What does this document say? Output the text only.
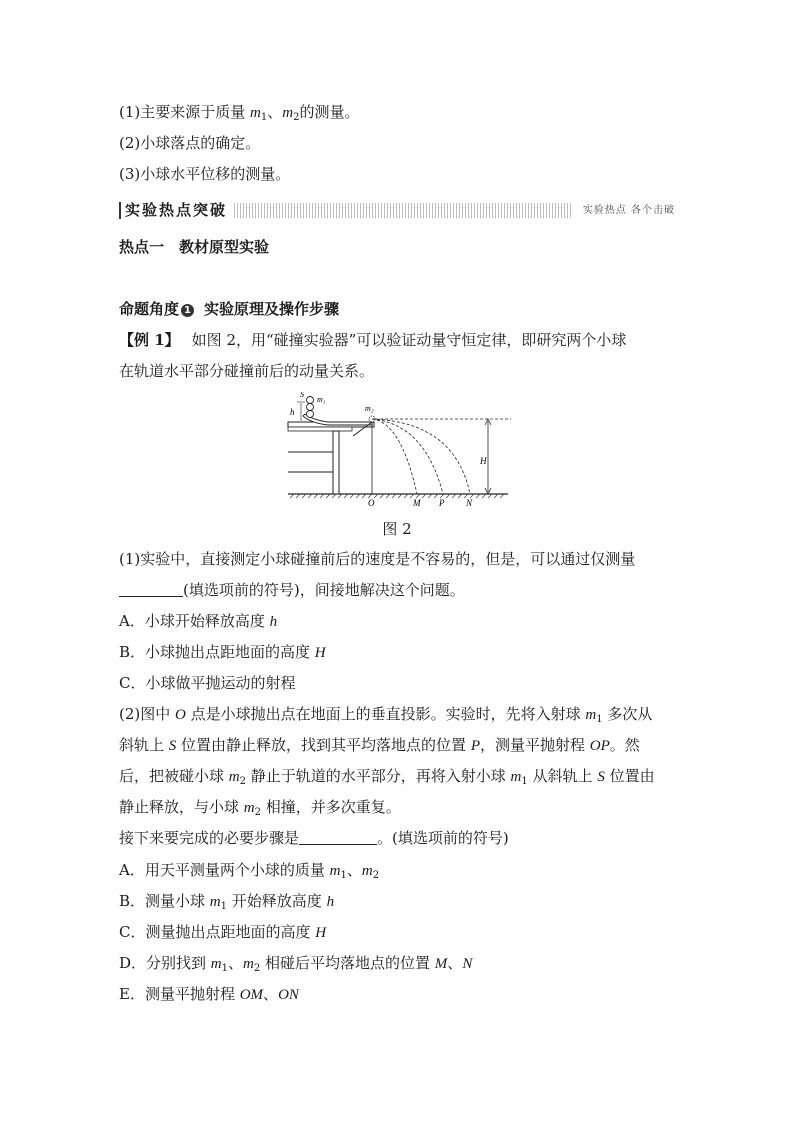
(1)主要来源于质量 $m_1$、$m_2$的测量。
(2)小球落点的确定。
(3)小球水平位移的测量。
实验热点突破	实验热点 各个击破
热点一　教材原型实验
命题角度 1 实验原理及操作步骤
【例 1】 如图 2，用“碰撞实验器”可以验证动量守恒定律，即研究两个小球
在轨道水平部分碰撞前后的动量关系。
h
S
m₁
m₂
H
O	M P N
图 2
(1)实验中，直接测定小球碰撞前后的速度是不容易的，但是，可以通过仅测量
(填选项前的符号)，间接地解决这个问题。
A．小球开始释放高度 h
B．小球抛出点距地面的高度 H
C．小球做平抛运动的射程
(2)图中 O 点是小球抛出点在地面上的垂直投影。实验时，先将入射球 $m_1$ 多次从
斜轨上 S 位置由静止释放，找到其平均落地点的位置 P，测量平抛射程 OP。然
后，把被碰小球 $m_2$ 静止于轨道的水平部分，再将入射小球 $m_1$ 从斜轨上 S 位置由
静止释放，与小球 $m_2$ 相撞，并多次重复。
接下来要完成的必要步骤是	。(填选项前的符号)
A．用天平测量两个小球的质量 $m_1$、$m_2$
B．测量小球 $m_1$ 开始释放高度 h
C．测量抛出点距地面的高度 H
D．分别找到 $m_1$、$m_2$ 相碰后平均落地点的位置 M、N
E．测量平抛射程 OM、ON
